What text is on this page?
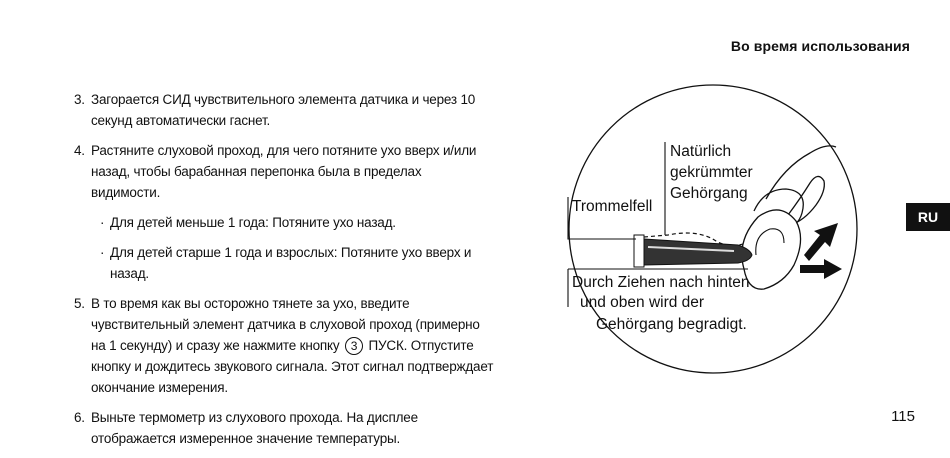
Во время использования
RU
115
3. Загорается СИД чувствительного элемента датчика и через 10 секунд автоматически гаснет.
4. Растяните слуховой проход, для чего потяните ухо вверх и/или назад, чтобы барабанная перепонка была в пределах видимости.
· Для детей меньше 1 года: Потяните ухо назад.
· Для детей старше 1 года и взрослых: Потяните ухо вверх и назад.
5. В то время как вы осторожно тянете за ухо, введите чувствительный элемент датчика в слуховой проход (примерно на 1 секунду) и сразу же нажмите кнопку 3 ПУСК. Отпустите кнопку и дождитесь звукового сигнала. Этот сигнал подтверждает окончание измерения.
6. Выньте термометр из слухового прохода. На дисплее отображается измеренное значение температуры.
Natürlich
gekrümmter
Gehörgang
Trommelfell
Durch Ziehen nach hinten
und oben wird der
Gehörgang begradigt.
